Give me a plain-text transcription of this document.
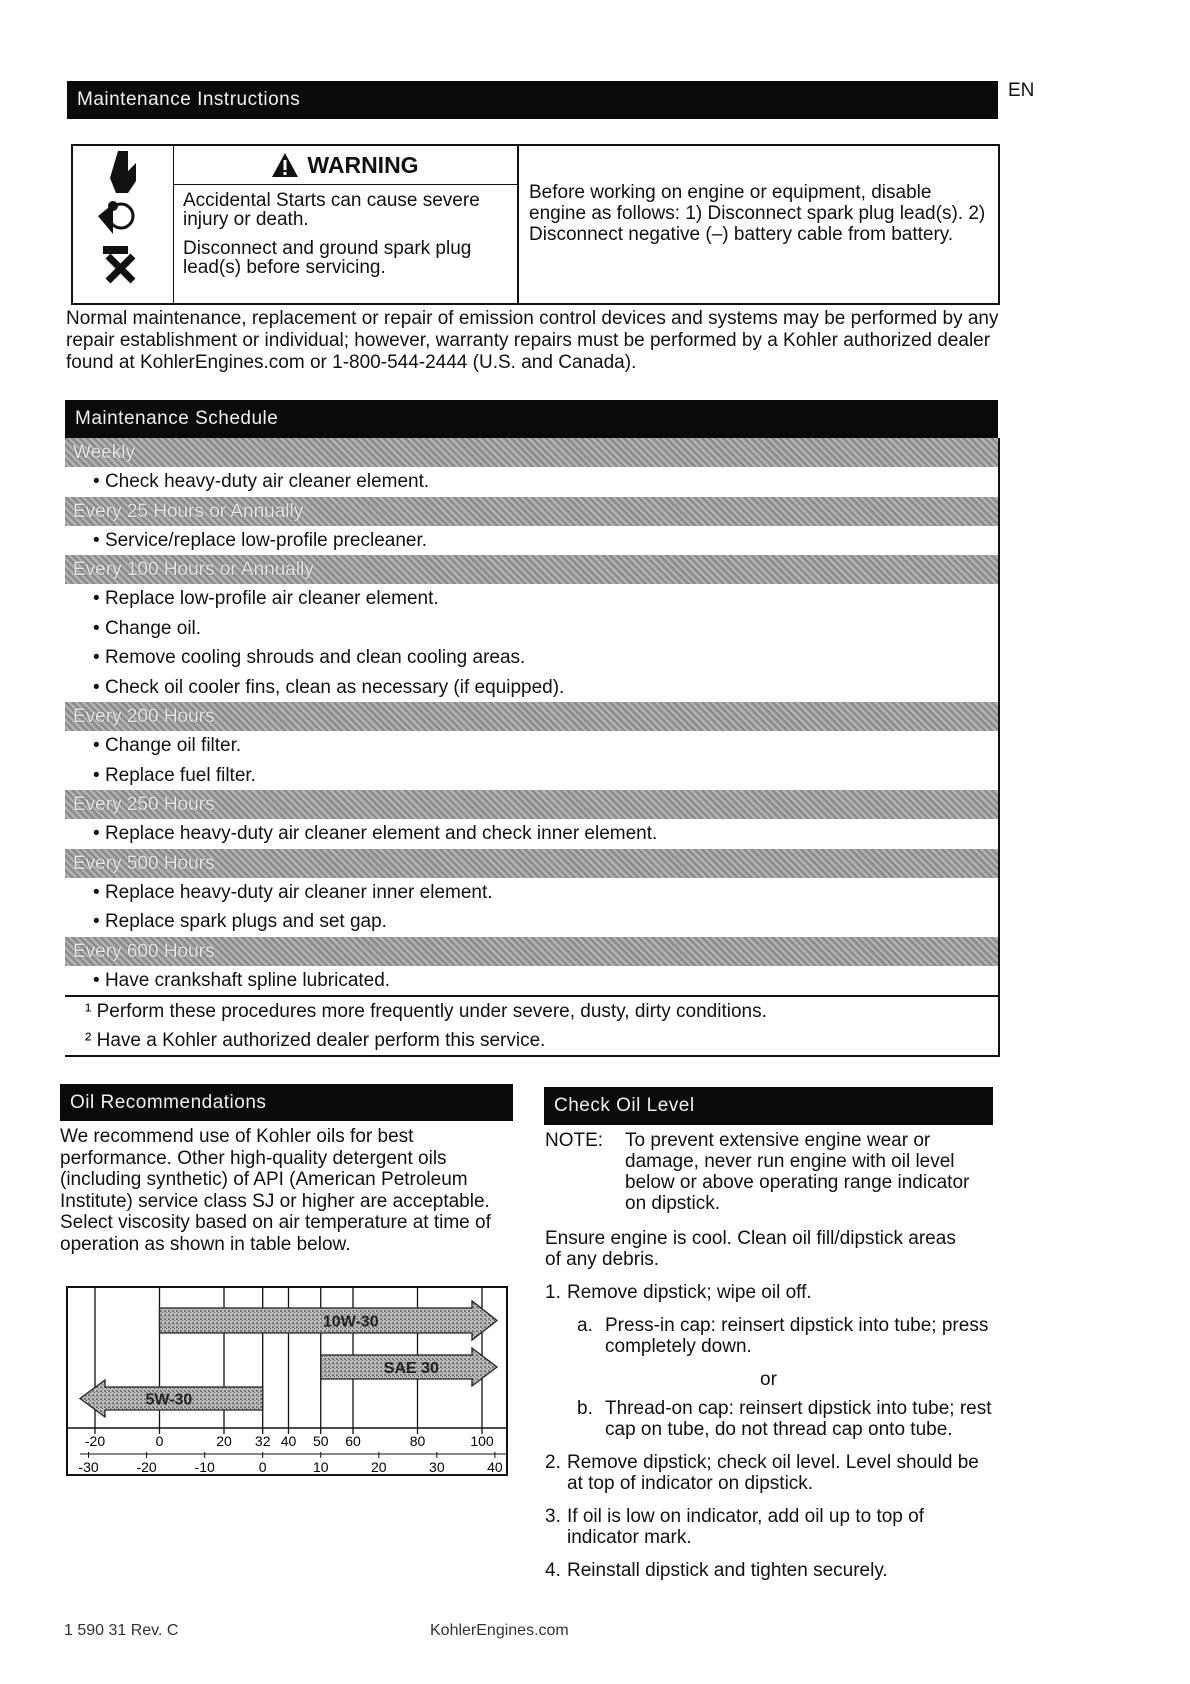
Maintenance Instructions	EN
WARNING
Accidental Starts can cause severe injury or death.
Disconnect and ground spark plug lead(s) before servicing.
Before working on engine or equipment, disable engine as follows: 1) Disconnect spark plug lead(s). 2) Disconnect negative (–) battery cable from battery.
Normal maintenance, replacement or repair of emission control devices and systems may be performed by any repair establishment or individual; however, warranty repairs must be performed by a Kohler authorized dealer found at KohlerEngines.com or 1-800-544-2444 (U.S. and Canada).
Maintenance Schedule
Weekly
• Check heavy-duty air cleaner element.
Every 25 Hours or Annually
• Service/replace low-profile precleaner.
Every 100 Hours or Annually
• Replace low-profile air cleaner element.
• Change oil.
• Remove cooling shrouds and clean cooling areas.
• Check oil cooler fins, clean as necessary (if equipped).
Every 200 Hours
• Change oil filter.
• Replace fuel filter.
Every 250 Hours
• Replace heavy-duty air cleaner element and check inner element.
Every 500 Hours
• Replace heavy-duty air cleaner inner element.
• Replace spark plugs and set gap.
Every 600 Hours
• Have crankshaft spline lubricated.
¹ Perform these procedures more frequently under severe, dusty, dirty conditions.
² Have a Kohler authorized dealer perform this service.
Oil Recommendations
We recommend use of Kohler oils for best performance. Other high-quality detergent oils (including synthetic) of API (American Petroleum Institute) service class SJ or higher are acceptable. Select viscosity based on air temperature at time of operation as shown in table below.
-20	0	20 32 40 50 60	80	100
-30	-20	-10	0	10	20	30	40
10W-30
SAE 30
5W-30
Check Oil Level
NOTE: To prevent extensive engine wear or damage, never run engine with oil level below or above operating range indicator on dipstick.
Ensure engine is cool. Clean oil fill/dipstick areas of any debris.
1. Remove dipstick; wipe oil off.
a. Press-in cap: reinsert dipstick into tube; press completely down.
or
b. Thread-on cap: reinsert dipstick into tube; rest cap on tube, do not thread cap onto tube.
2. Remove dipstick; check oil level. Level should be at top of indicator on dipstick.
3. If oil is low on indicator, add oil up to top of indicator mark.
4. Reinstall dipstick and tighten securely.
1 590 31 Rev. C	KohlerEngines.com
